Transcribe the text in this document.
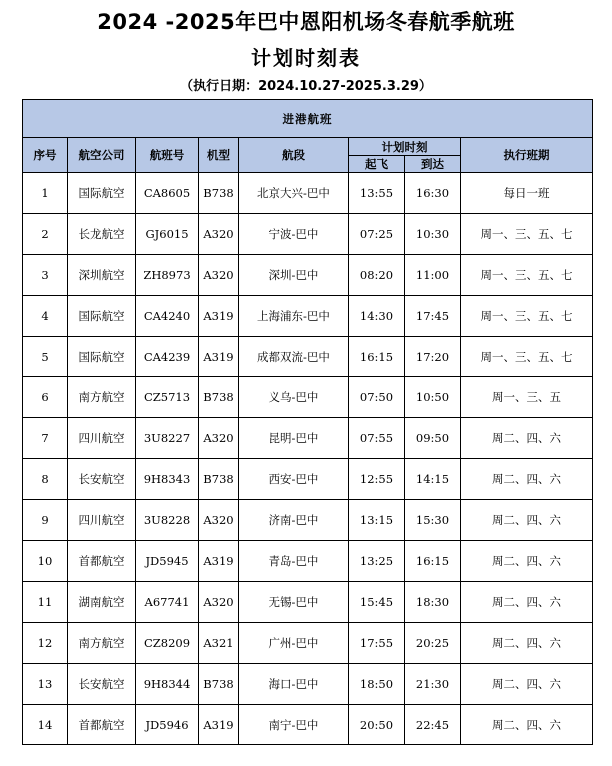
2024 -2025年巴中恩阳机场冬春航季航班
计划时刻表
（执行日期：2024.10.27-2025.3.29）
进港航班							
序号	航空公司	航班号	机型	航段	计划时刻		执行班期
					起飞	到达	
1	国际航空	CA8605	B738	北京大兴-巴中	13:55	16:30	每日一班
2	长龙航空	GJ6015	A320	宁波-巴中	07:25	10:30	周一、三、五、七
3	深圳航空	ZH8973	A320	深圳-巴中	08:20	11:00	周一、三、五、七
4	国际航空	CA4240	A319	上海浦东-巴中	14:30	17:45	周一、三、五、七
5	国际航空	CA4239	A319	成都双流-巴中	16:15	17:20	周一、三、五、七
6	南方航空	CZ5713	B738	义乌-巴中	07:50	10:50	周一、三、五
7	四川航空	3U8227	A320	昆明-巴中	07:55	09:50	周二、四、六
8	长安航空	9H8343	B738	西安-巴中	12:55	14:15	周二、四、六
9	四川航空	3U8228	A320	济南-巴中	13:15	15:30	周二、四、六
10	首都航空	JD5945	A319	青岛-巴中	13:25	16:15	周二、四、六
11	湖南航空	A67741	A320	无锡-巴中	15:45	18:30	周二、四、六
12	南方航空	CZ8209	A321	广州-巴中	17:55	20:25	周二、四、六
13	长安航空	9H8344	B738	海口-巴中	18:50	21:30	周二、四、六
14	首都航空	JD5946	A319	南宁-巴中	20:50	22:45	周二、四、六
